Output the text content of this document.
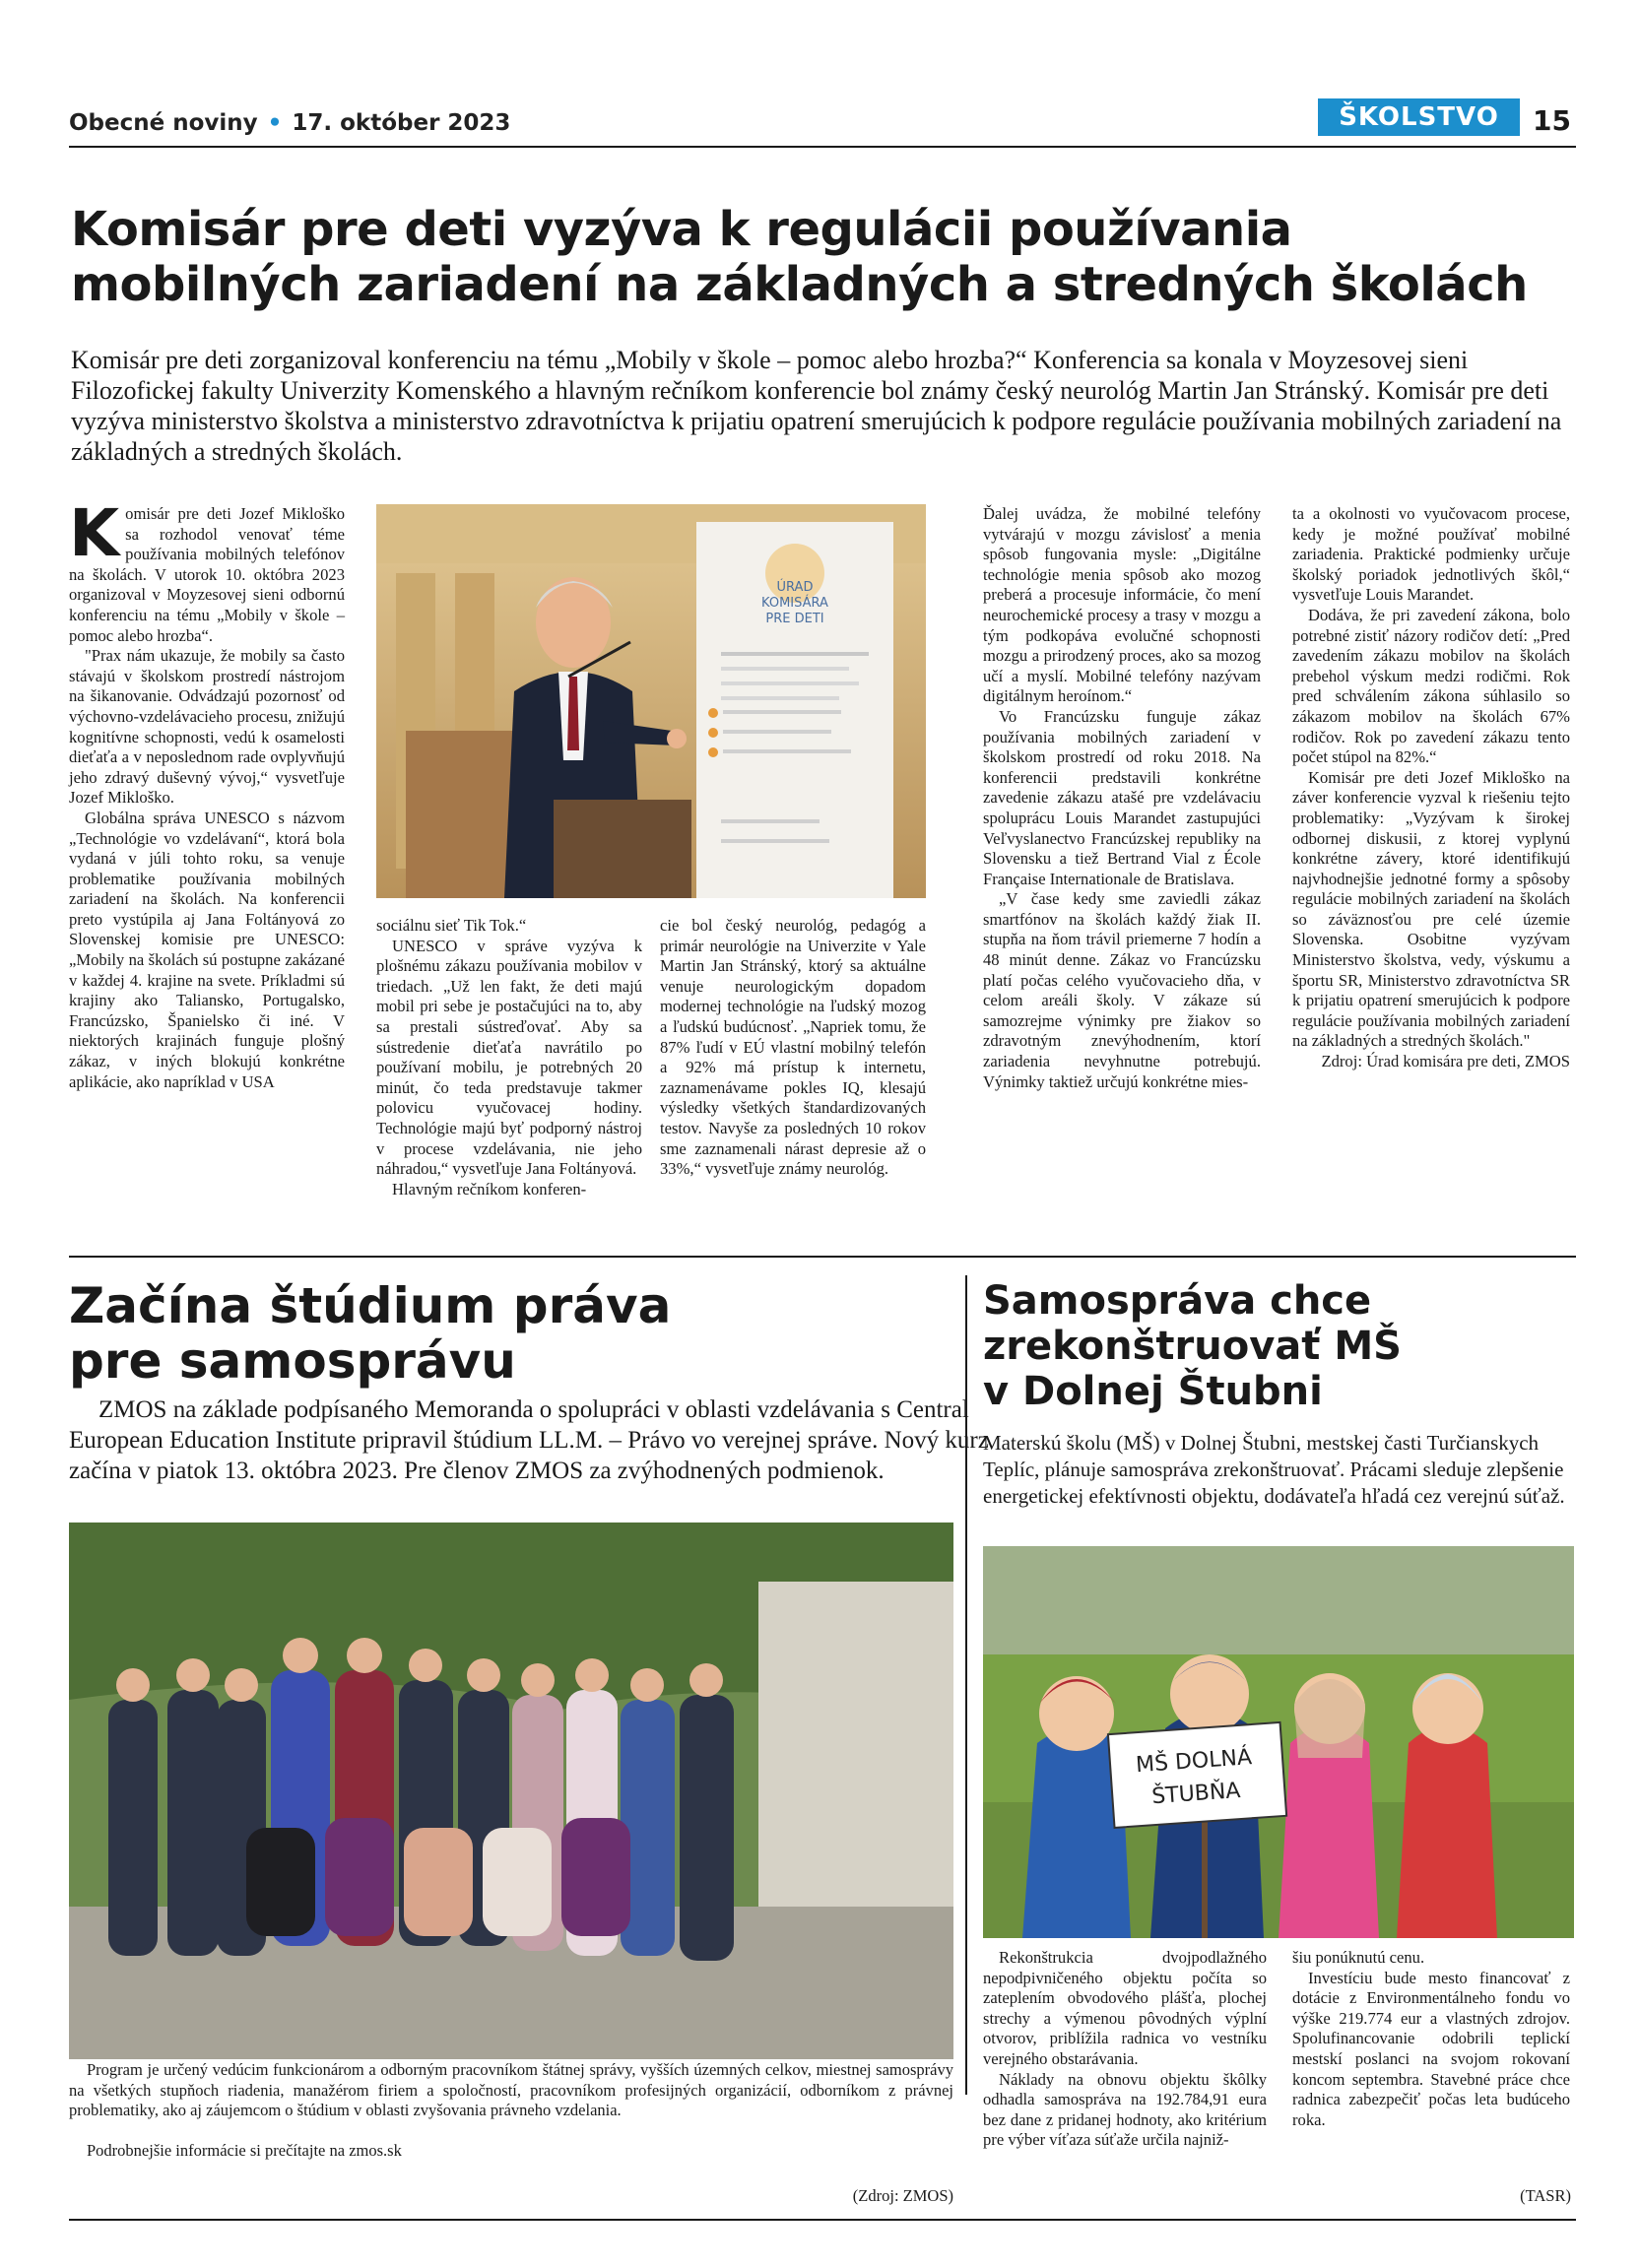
Obecné noviny • 17. október 2023	ŠKOLSTVO	15
Komisár pre deti vyzýva k regulácii používania
mobilných zariadení na základných a stredných školách
Komisár pre deti zorganizoval konferenciu na tému „Mobily v škole – pomoc alebo hrozba?“ Konferencia sa konala v Moyzesovej sieni Filozofickej fakulty Univerzity Komenského a hlavným rečníkom konferencie bol známy český neurológ Martin Jan Stránský. Komisár pre deti vyzýva ministerstvo školstva a ministerstvo zdravotníctva k prijatiu opatrení smerujúcich k podpore regulácie používania mobilných zariadení na základných a stredných školách.

Komisár pre deti Jozef Mikloško sa rozhodol venovať téme používania mobilných telefónov na školách. V utorok 10. októbra 2023 organizoval v Moyzesovej sieni odbornú konferenciu na tému „Mobily v škole – pomoc alebo hrozba“.

"Prax nám ukazuje, že mobily sa často stávajú v školskom prostredí nástrojom na šikanovanie. Odvádzajú pozornosť od výchovno-vzdelávacieho procesu, znižujú kognitívne schopnosti, vedú k osamelosti dieťaťa a v neposlednom rade ovplyvňujú jeho zdravý duševný vývoj,“ vysvetľuje Jozef Mikloško.

Globálna správa UNESCO s názvom „Technológie vo vzdelávaní“, ktorá bola vydaná v júli tohto roku, sa venuje problematike používania mobilných zariadení na školách. Na konferencii preto vystúpila aj Jana Foltányová zo Slovenskej komisie pre UNESCO: „Mobily na školách sú postupne zakázané v každej 4. krajine na svete. Príkladmi sú krajiny ako Taliansko, Portugalsko, Francúzsko, Španielsko či iné. V niektorých krajinách funguje plošný zákaz, v iných blokujú konkrétne aplikácie, ako napríklad v USA

ÚRAD
KOMISÁRA
PRE DETI

sociálnu sieť Tik Tok.“

UNESCO v správe vyzýva k plošnému zákazu používania mobilov v triedach. „Už len fakt, že deti majú mobil pri sebe je postačujúci na to, aby sa prestali sústreďovať. Aby sa sústredenie dieťaťa navrátilo po používaní mobilu, je potrebných 20 minút, čo teda predstavuje takmer polovicu vyučovacej hodiny. Technológie majú byť podporný nástroj v procese vzdelávania, nie jeho náhradou,“ vysvetľuje Jana Foltányová.

Hlavným rečníkom konferen-

cie bol český neurológ, pedagóg a primár neurológie na Univerzite v Yale Martin Jan Stránský, ktorý sa aktuálne venuje neurologickým dopadom modernej technológie na ľudský mozog a ľudskú budúcnosť. „Napriek tomu, že 87% ľudí v EÚ vlastní mobilný telefón a 92% má prístup k internetu, zaznamenávame pokles IQ, klesajú výsledky všetkých štandardizovaných testov. Navyše za posledných 10 rokov sme zaznamenali nárast depresie až o 33%,“ vysvetľuje známy neurológ.

Ďalej uvádza, že mobilné telefóny vytvárajú v mozgu závislosť a menia spôsob fungovania mysle: „Digitálne technológie menia spôsob ako mozog preberá a procesuje informácie, čo mení neurochemické procesy a trasy v mozgu a tým podkopáva evolučné schopnosti mozgu a prirodzený proces, ako sa mozog učí a myslí. Mobilné telefóny nazývam digitálnym heroínom.“

Vo Francúzsku funguje zákaz používania mobilných zariadení v školskom prostredí od roku 2018. Na konferencii predstavili konkrétne zavedenie zákazu atašé pre vzdelávaciu spoluprácu Louis Marandet zastupujúci Veľvyslanectvo Francúzskej republiky na Slovensku a tiež Bertrand Vial z École Française Internationale de Bratislava.

„V čase kedy sme zaviedli zákaz smartfónov na školách každý žiak II. stupňa na ňom trávil priemerne 7 hodín a 48 minút denne. Zákaz vo Francúzsku platí počas celého vyučovacieho dňa, v celom areáli školy. V zákaze sú samozrejme výnimky pre žiakov so zdravotným znevýhodnením, ktorí zariadenia nevyhnutne potrebujú. Výnimky taktiež určujú konkrétne mies-

ta a okolnosti vo vyučovacom procese, kedy je možné používať mobilné zariadenia. Praktické podmienky určuje školský poriadok jednotlivých škôl,“ vysvetľuje Louis Marandet.

Dodáva, že pri zavedení zákona, bolo potrebné zistiť názory rodičov detí: „Pred zavedením zákazu mobilov na školách prebehol výskum medzi rodičmi. Rok pred schválením zákona súhlasilo so zákazom mobilov na školách 67% rodičov. Rok po zavedení zákazu tento počet stúpol na 82%.“

Komisár pre deti Jozef Mikloško na záver konferencie vyzval k riešeniu tejto problematiky: „Vyzývam k širokej odbornej diskusii, z ktorej vyplynú konkrétne závery, ktoré identifikujú najvhodnejšie jednotné formy a spôsoby regulácie mobilných zariadení na školách so záväznosťou pre celé územie Slovenska. Osobitne vyzývam Ministerstvo školstva, vedy, výskumu a športu SR, Ministerstvo zdravotníctva SR k prijatiu opatrení smerujúcich k podpore regulácie používania mobilných zariadení na základných a stredných školách."

Zdroj: Úrad komisára pre deti, ZMOS

Začína štúdium práva
pre samosprávu
ZMOS na základe podpísaného Memoranda o spolupráci v oblasti vzdelávania s Central European Education Institute pripravil štúdium LL.M. – Právo vo verejnej správe. Nový kurz začína v piatok 13. októbra 2023. Pre členov ZMOS za zvýhodnených podmienok.
Program je určený vedúcim funkcionárom a odborným pracovníkom štátnej správy, vyšších územných celkov, miestnej samosprávy na všetkých stupňoch riadenia, manažérom firiem a spoločností, pracovníkom profesijných organizácií, odborníkom z právnej problematiky, ako aj záujemcom o štúdium v oblasti zvyšovania právneho vzdelania.
Podrobnejšie informácie si prečítajte na zmos.sk
(Zdroj: ZMOS)
Samospráva chce
zrekonštruovať MŠ
v Dolnej Štubni
Materskú školu (MŠ) v Dolnej Štubni, mestskej časti Turčianskych Teplíc, plánuje samospráva zrekonštruovať. Prácami sleduje zlepšenie energetickej efektívnosti objektu, dodávateľa hľadá cez verejnú súťaž.
MŠ DOLNÁ
ŠTUBŇA

Rekonštrukcia dvojpodlažného nepodpivničeného objektu počíta so zateplením obvodového plášťa, plochej strechy a výmenou pôvodných výplní otvorov, priblížila radnica vo vestníku verejného obstarávania.

Náklady na obnovu objektu škôlky odhadla samospráva na 192.784,91 eura bez dane z pridanej hodnoty, ako kritérium pre výber víťaza súťaže určila najniž-

šiu ponúknutú cenu.

Investíciu bude mesto financovať z dotácie z Environmentálneho fondu vo výške 219.774 eur a vlastných zdrojov. Spolufinancovanie odobrili teplickí mestskí poslanci na svojom rokovaní koncom septembra. Stavebné práce chce radnica zabezpečiť počas leta budúceho roka.

(TASR)
